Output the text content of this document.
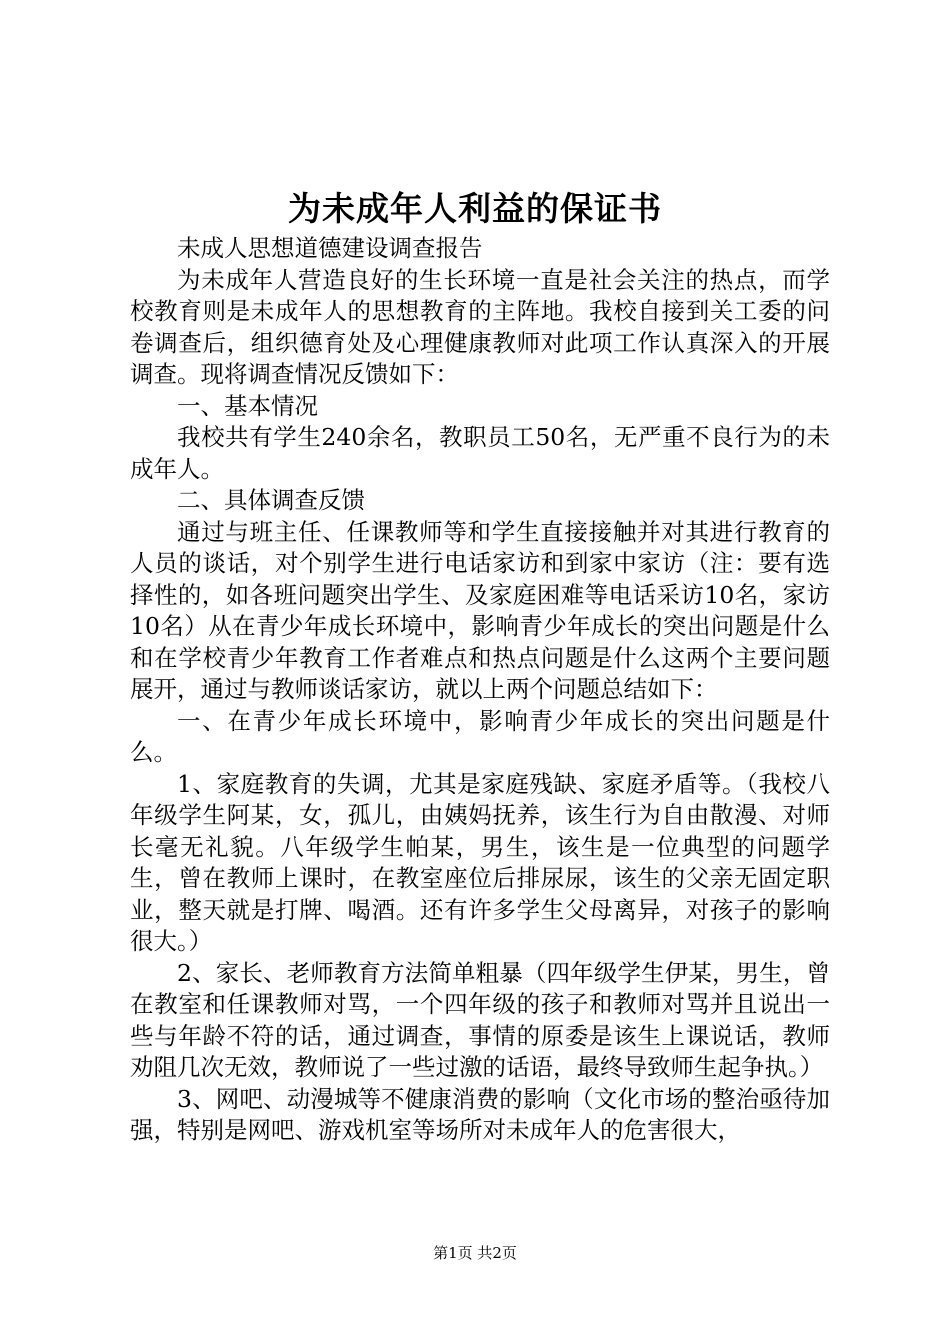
为未成年人利益的保证书

未成人思想道德建设调查报告

为未成年人营造良好的生长环境一直是社会关注的热点，而学校教育则是未成年人的思想教育的主阵地。我校自接到关工委的问卷调查后，组织德育处及心理健康教师对此项工作认真深入的开展调查。现将调查情况反馈如下：

一、基本情况

我校共有学生240余名，教职员工50名，无严重不良行为的未成年人。

二、具体调查反馈

通过与班主任、任课教师等和学生直接接触并对其进行教育的人员的谈话，对个别学生进行电话家访和到家中家访（注：要有选择性的，如各班问题突出学生、及家庭困难等电话采访10名，家访10名）从在青少年成长环境中，影响青少年成长的突出问题是什么和在学校青少年教育工作者难点和热点问题是什么这两个主要问题展开，通过与教师谈话家访，就以上两个问题总结如下：

一、在青少年成长环境中，影响青少年成长的突出问题是什么。

1、家庭教育的失调，尤其是家庭残缺、家庭矛盾等。（我校八年级学生阿某，女，孤儿，由姨妈抚养，该生行为自由散漫、对师长毫无礼貌。八年级学生帕某，男生，该生是一位典型的问题学生，曾在教师上课时，在教室座位后排尿尿，该生的父亲无固定职业，整天就是打牌、喝酒。还有许多学生父母离异，对孩子的影响很大。）

2、家长、老师教育方法简单粗暴（四年级学生伊某，男生，曾在教室和任课教师对骂，一个四年级的孩子和教师对骂并且说出一些与年龄不符的话，通过调查，事情的原委是该生上课说话，教师劝阻几次无效，教师说了一些过激的话语，最终导致师生起争执。）

3、网吧、动漫城等不健康消费的影响（文化市场的整治亟待加强，特别是网吧、游戏机室等场所对未成年人的危害很大，

第1页 共2页
